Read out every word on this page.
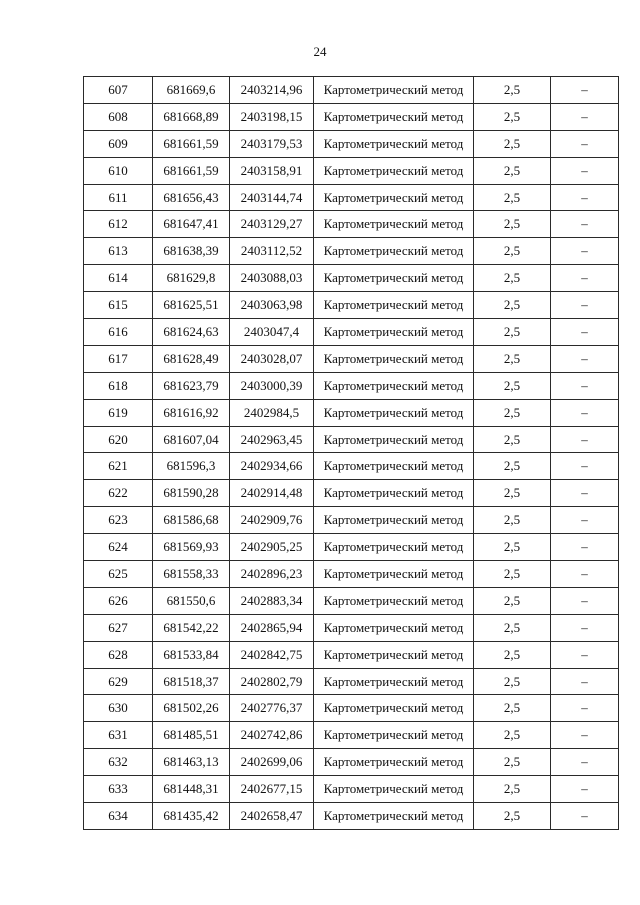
24
607	681669,6	2403214,96	Картометрический метод	2,5	–
608	681668,89	2403198,15	Картометрический метод	2,5	–
609	681661,59	2403179,53	Картометрический метод	2,5	–
610	681661,59	2403158,91	Картометрический метод	2,5	–
611	681656,43	2403144,74	Картометрический метод	2,5	–
612	681647,41	2403129,27	Картометрический метод	2,5	–
613	681638,39	2403112,52	Картометрический метод	2,5	–
614	681629,8	2403088,03	Картометрический метод	2,5	–
615	681625,51	2403063,98	Картометрический метод	2,5	–
616	681624,63	2403047,4	Картометрический метод	2,5	–
617	681628,49	2403028,07	Картометрический метод	2,5	–
618	681623,79	2403000,39	Картометрический метод	2,5	–
619	681616,92	2402984,5	Картометрический метод	2,5	–
620	681607,04	2402963,45	Картометрический метод	2,5	–
621	681596,3	2402934,66	Картометрический метод	2,5	–
622	681590,28	2402914,48	Картометрический метод	2,5	–
623	681586,68	2402909,76	Картометрический метод	2,5	–
624	681569,93	2402905,25	Картометрический метод	2,5	–
625	681558,33	2402896,23	Картометрический метод	2,5	–
626	681550,6	2402883,34	Картометрический метод	2,5	–
627	681542,22	2402865,94	Картометрический метод	2,5	–
628	681533,84	2402842,75	Картометрический метод	2,5	–
629	681518,37	2402802,79	Картометрический метод	2,5	–
630	681502,26	2402776,37	Картометрический метод	2,5	–
631	681485,51	2402742,86	Картометрический метод	2,5	–
632	681463,13	2402699,06	Картометрический метод	2,5	–
633	681448,31	2402677,15	Картометрический метод	2,5	–
634	681435,42	2402658,47	Картометрический метод	2,5	–
